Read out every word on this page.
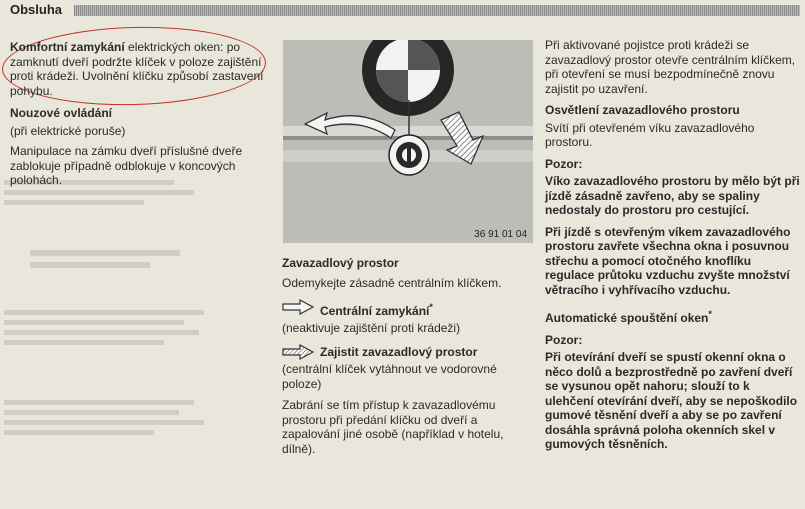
Obsluha

Komfortní zamykání elektrických oken: po zamknutí dveří podržte klíček v poloze zajištění proti krádeži. Uvolnění klíčku způsobí zastavení pohybu.

Nouzové ovládání

(při elektrické poruše)

Manipulace na zámku dveří příslušné dveře zablokuje případně odblokuje v koncových polohách.

36 91 01 04

Zavazadlový prostor

Odemykejte zásadně centrálním klíčkem.

Centrální zamykání*

(neaktivuje zajištění proti krádeži)

Zajistit zavazadlový prostor

(centrální klíček vytáhnout ve vodorovné poloze)

Zabrání se tím přístup k zavazadlovému prostoru při předání klíčku od dveří a zapalování jiné osobě (například v hotelu, dílně).

Při aktivované pojistce proti krádeži se zavazadlový prostor otevře centrálním klíčkem, při otevření se musí bezpodmínečně znovu zajistit po uzavření.

Osvětlení zavazadlového prostoru

Svítí při otevřeném víku zavazadlového prostoru.

Pozor:

Víko zavazadlového prostoru by mělo být při jízdě zásadně zavřeno, aby se spaliny nedostaly do prostoru pro cestující.

Při jízdě s otevřeným víkem zavazadlového prostoru zavřete všechna okna i posuvnou střechu a pomocí otočného knoflíku regulace průtoku vzduchu zvyšte množství větracího i vyhřívacího vzduchu.

Automatické spouštění oken*

Pozor:

Při otevírání dveří se spustí okenní okna o něco dolů a bezprostředně po zavření dveří se vysunou opět nahoru; slouží to k ulehčení otevírání dveří, aby se nepoškodilo gumové těsnění dveří a aby se po zavření dosáhla správná poloha okenních skel v gumových těsněních.
